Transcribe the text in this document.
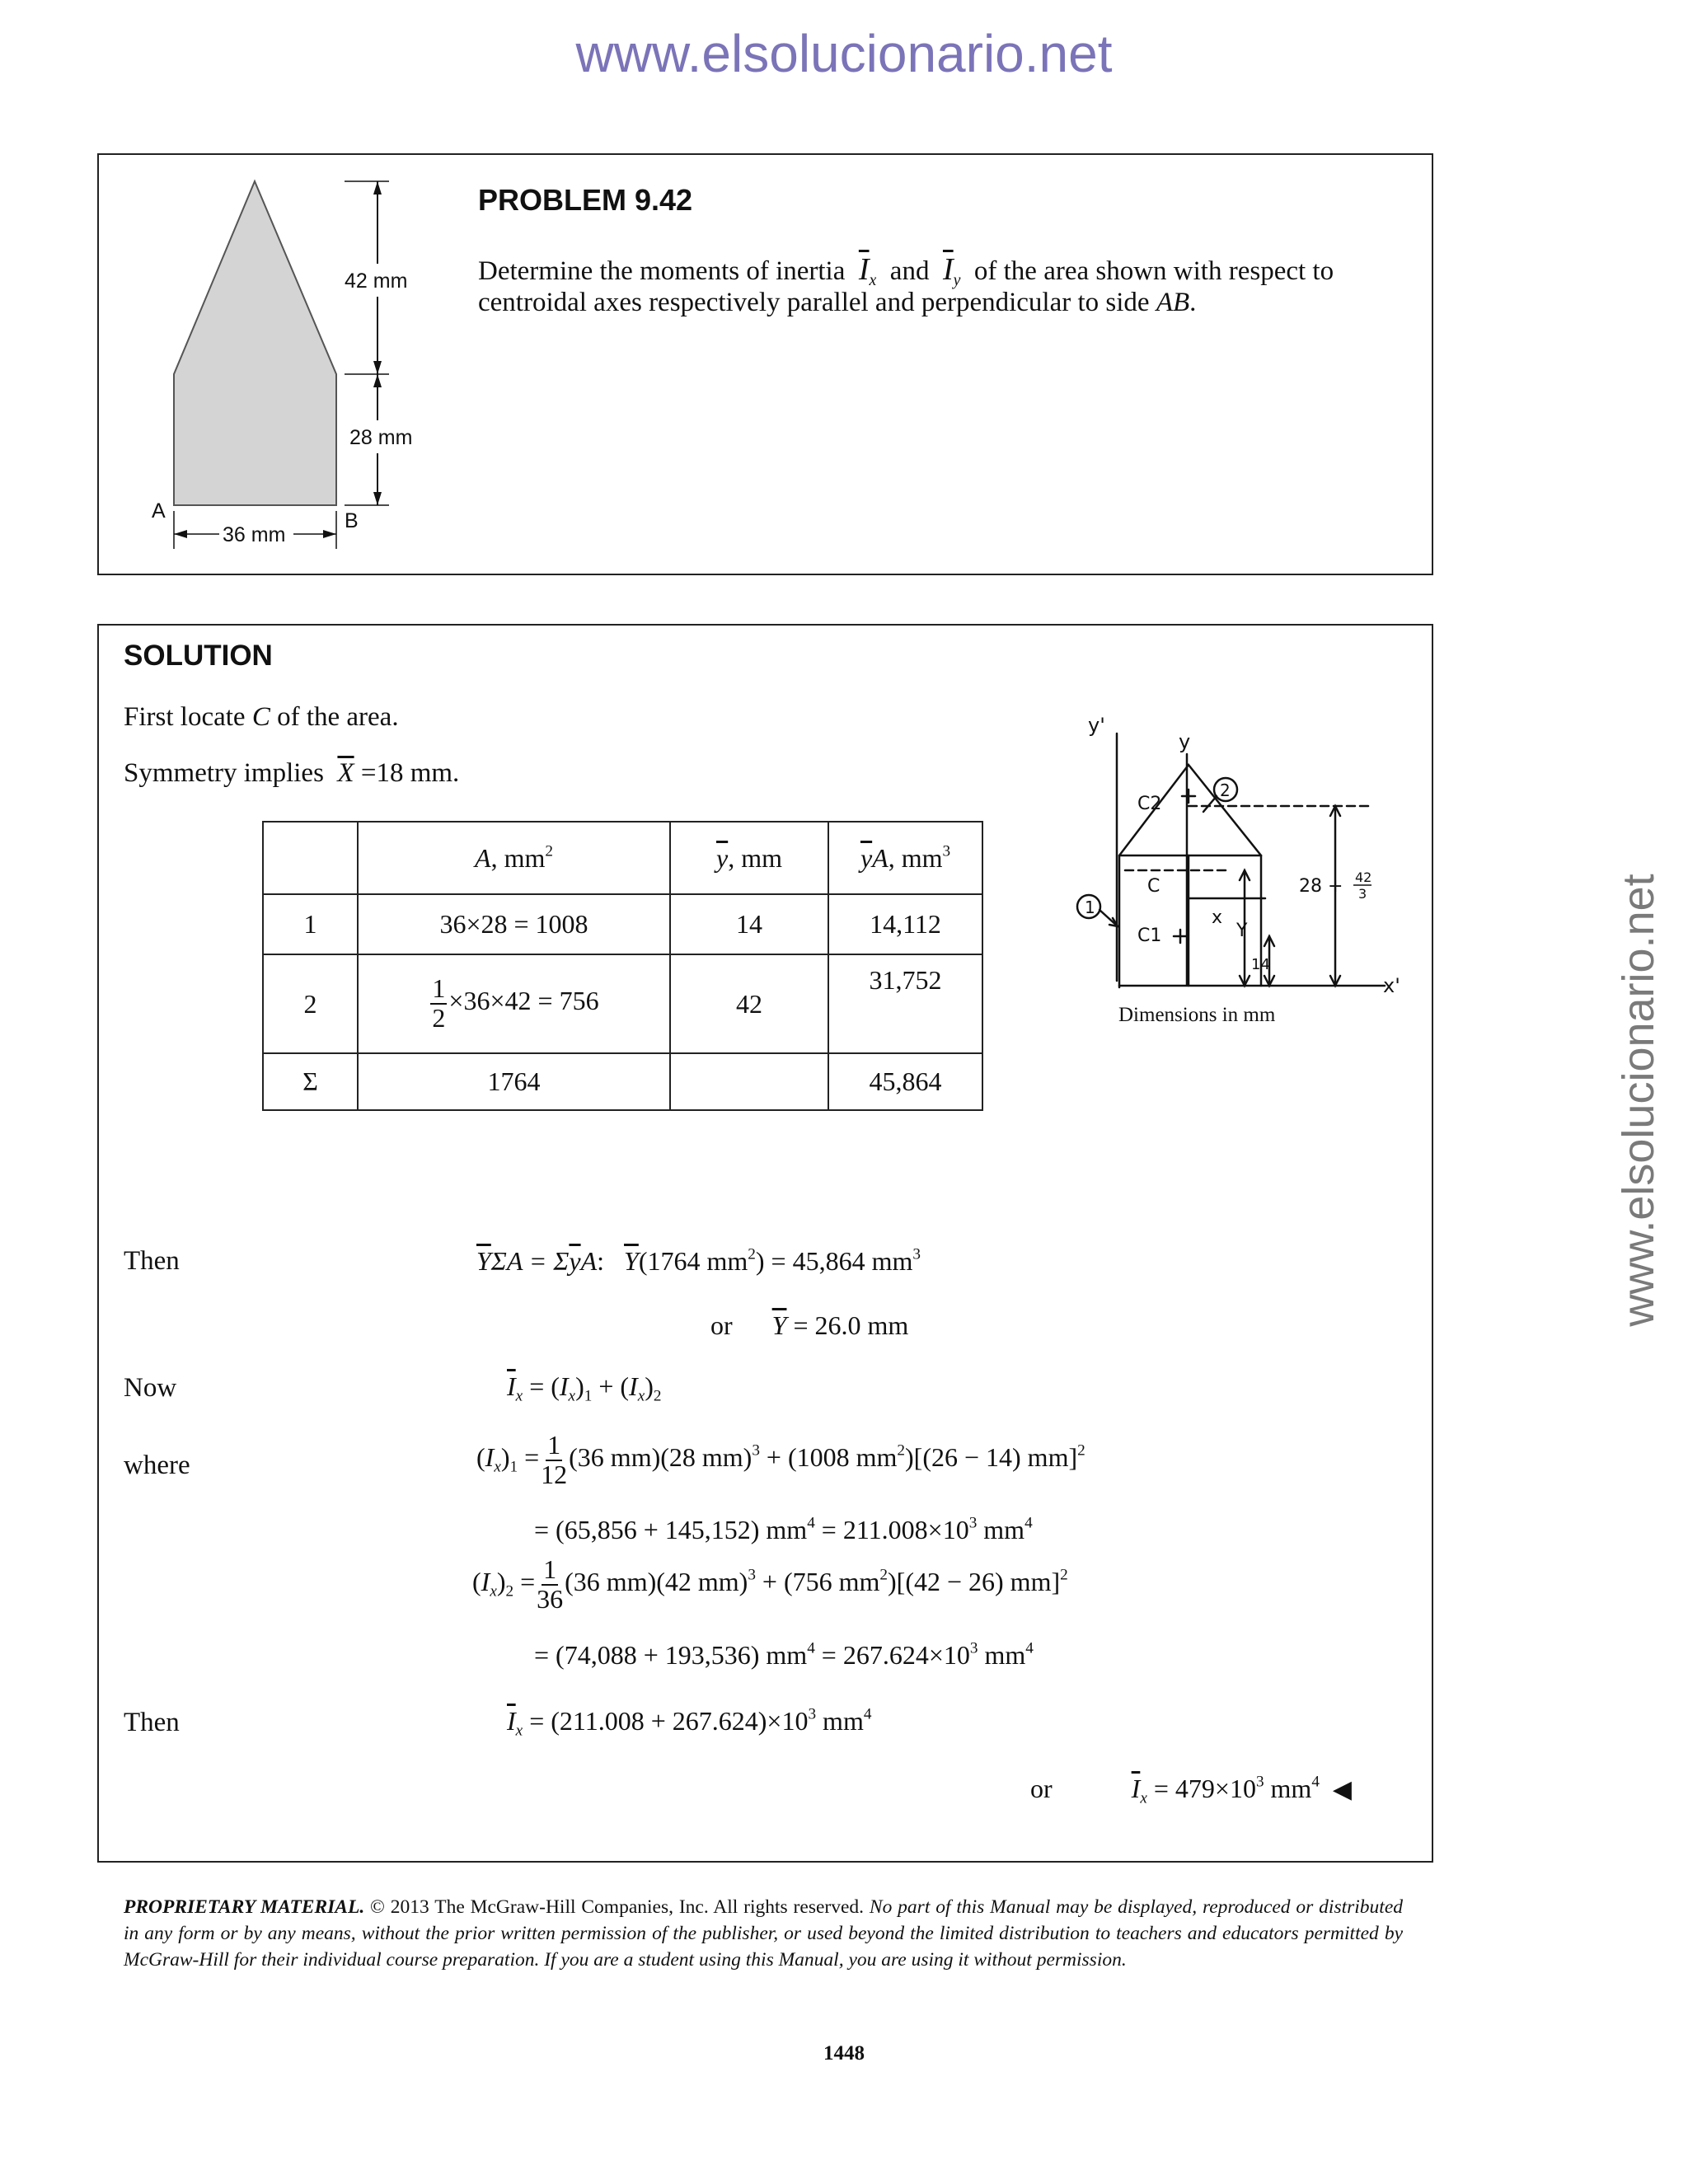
www.elsolucionario.net
www.elsolucionario.net
42 mm
28 mm
36 mm
A	B
PROBLEM 9.42
Determine the moments of inertia $\overline{I}_x$ and $\overline{I}_y$ of the area shown with respect to
centroidal axes respectively parallel and perpendicular to side AB.
SOLUTION
First locate C of the area.
Symmetry implies $\overline{X} =18$ mm.
	A, $mm^2$	$\overline{y}$, mm	$\overline{y}A$, $mm^3$
1	36×28 = 1008	14	14,112
2	$\frac{1}{2} \times 36\times 42 = 756$	42	31,752
Σ	1764		45,864
y'
y
2
1
C2
C
C1
x
Y
14
28 + 42
3
x'
Dimensions in mm
Then	$\overline{Y}\Sigma A = \Sigma\overline{y}A$: $\overline{Y}(1764$ $mm^2) = 45,864$ $mm^3$
or $\overline{Y} = 26.0$ mm
Now	$\overline{I}_x = (I_x)_1 + (I_x)_2$
where	$(I_x)_1 = \frac{1}{12} (36$ mm)(28 mm)$^3$ + (1008 $mm^2)[(26 - 14)$ mm]$^2$
= (65,856 + 145,152) $mm^4 = 211.008\times 10^3$ $mm^4$
$(I_x)_2 = \frac{1}{36} (36$ mm)(42 mm)$^3$ + (756 $mm^2)[(42 - 26)$ mm]$^2$
= (74,088 + 193,536) $mm^4 = 267.624\times 10^3$ $mm^4$
Then	$\overline{I}_x = (211.008 + 267.624)\times 10^3$ $mm^4$
or	$\overline{I}_x = 479\times 10^3$ $mm^4$ ◀
PROPRIETARY MATERIAL. © 2013 The McGraw-Hill Companies, Inc. All rights reserved. No part of this Manual may be displayed, reproduced or distributed in any form or by any means, without the prior written permission of the publisher, or used beyond the limited distribution to teachers and educators permitted by McGraw-Hill for their individual course preparation. If you are a student using this Manual, you are using it without permission.
1448
